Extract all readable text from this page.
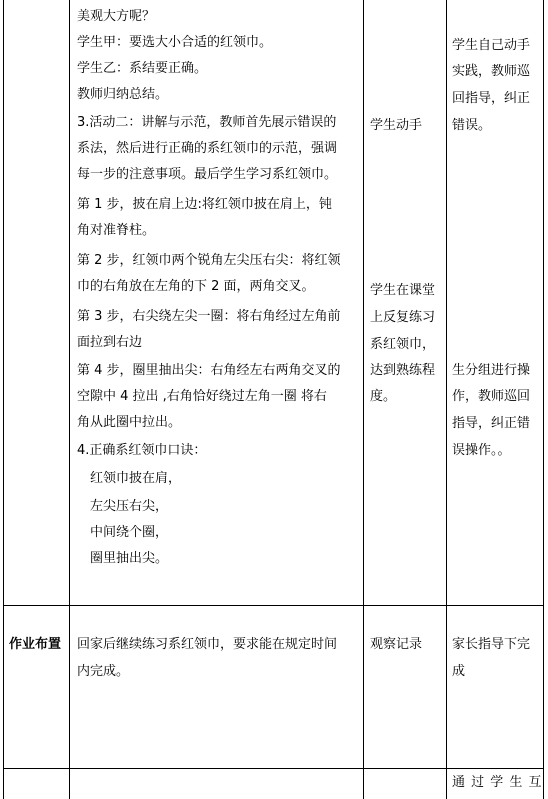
美观大方呢？
学生甲：要选大小合适的红领巾。
学生乙：系结要正确。
教师归纳总结。
3.活动二：讲解与示范，教师首先展示错误的
系法，然后进行正确的系红领巾的示范，强调
每一步的注意事项。最后学生学习系红领巾。
第 1 步，披在肩上边:将红领巾披在肩上，钝
角对准脊柱。
第 2 步，红领巾两个锐角左尖压右尖：将红领
巾的右角放在左角的下 2 面，两角交叉。
第 3 步，右尖绕左尖一圈：将右角经过左角前
面拉到右边
第 4 步，圈里抽出尖：右角经左右两角交叉的
空隙中 4 拉出 ,右角恰好绕过左角一圈 将右
角从此圈中拉出。
4.正确系红领巾口诀：
红领巾披在肩，
左尖压右尖，
中间绕个圈，
圈里抽出尖。
学生动手
学生在课堂
上反复练习
系红领巾，
达到熟练程
度。
学生自己动手
实践，教师巡
回指导，纠正
错误。
生分组进行操
作，教师巡回
指导，纠正错
误操作。。
作业布置 回家后继续练习系红领巾，要求能在规定时间
内完成。
观察记录 家长指导下完
成
通 过 学 生 互
